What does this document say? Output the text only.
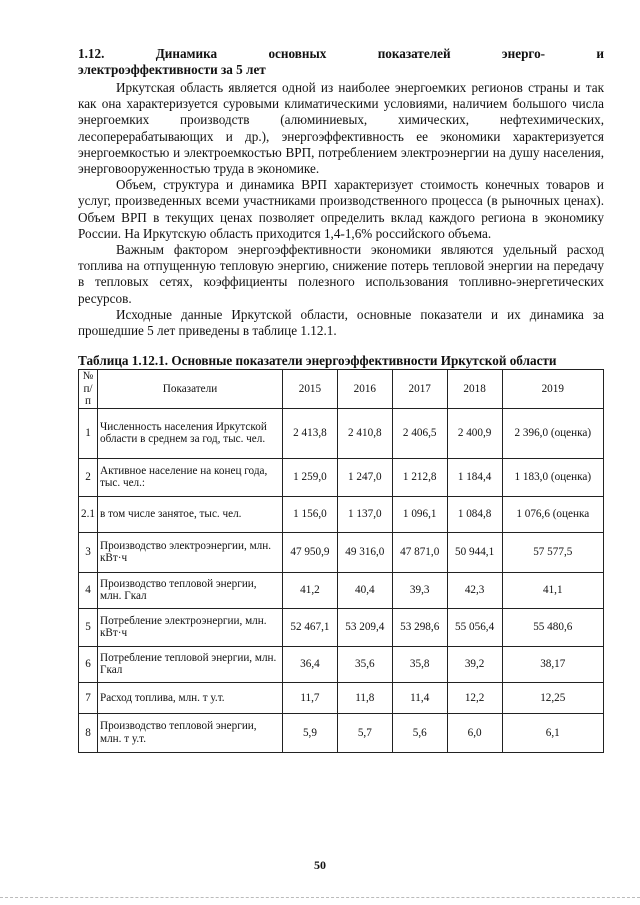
1.12. Динамика основных показателей энерго- и
электроэффективности за 5 лет

Иркутская область является одной из наиболее энергоемких регионов страны и так как она характеризуется суровыми климатическими условиями, наличием большого числа энергоемких производств (алюминиевых, химических, нефтехимических, лесоперерабатывающих и др.), энергоэффективность ее экономики характеризуется энергоемкостью и электроемкостью ВРП, потреблением электроэнергии на душу населения, энерговооруженностью труда в экономике.

Объем, структура и динамика ВРП характеризует стоимость конечных товаров и услуг, произведенных всеми участниками производственного процесса (в рыночных ценах). Объем ВРП в текущих ценах позволяет определить вклад каждого региона в экономику России. На Иркутскую область приходится 1,4-1,6% российского объема.

Важным фактором энергоэффективности экономики являются удельный расход топлива на отпущенную тепловую энергию, снижение потерь тепловой энергии на передачу в тепловых сетях, коэффициенты полезного использования топливно-энергетических ресурсов.

Исходные данные Иркутской области, основные показатели и их динамика за прошедшие 5 лет приведены в таблице 1.12.1.

Таблица 1.12.1. Основные показатели энергоэффективности Иркутской области
№ п/п	Показатели	2015	2016	2017	2018	2019
1	Численность населения Иркутской области в среднем за год, тыс. чел.	2 413,8	2 410,8	2 406,5	2 400,9	2 396,0 (оценка)
2	Активное население на конец года, тыс. чел.:	1 259,0	1 247,0	1 212,8	1 184,4	1 183,0 (оценка)
2.1	в том числе занятое, тыс. чел.	1 156,0	1 137,0	1 096,1	1 084,8	1 076,6 (оценка
3	Производство электроэнергии, млн. кВт·ч	47 950,9	49 316,0	47 871,0	50 944,1	57 577,5
4	Производство тепловой энергии, млн. Гкал	41,2	40,4	39,3	42,3	41,1
5	Потребление электроэнергии, млн. кВт·ч	52 467,1	53 209,4	53 298,6	55 056,4	55 480,6
6	Потребление тепловой энергии, млн. Гкал	36,4	35,6	35,8	39,2	38,17
7	Расход топлива, млн. т у.т.	11,7	11,8	11,4	12,2	12,25
8	Производство тепловой энергии, млн. т у.т.	5,9	5,7	5,6	6,0	6,1
50
